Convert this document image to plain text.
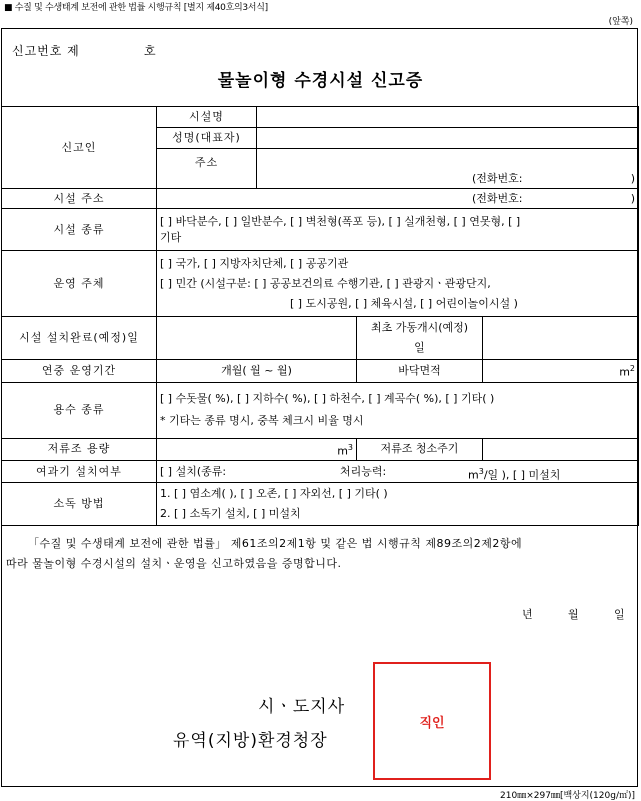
■ 수질 및 수생태계 보전에 관한 법률 시행규칙 [별지 제40호의3서식]
(앞쪽)
신고번호 제	호
물놀이형 수경시설 신고증
신고인	시설명			
	성명(대표자)			
	주소	(전화번호: )		

시설 주소	(전화번호: )			

시설 종류	[ ] 바닥분수, [ ] 일반분수, [ ] 벽천형(폭포 등), [ ] 실개천형, [ ] 연못형, [ ]
기타			

운영 주체	[ ] 국가, [ ] 지방자치단체, [ ] 공공기관
[ ] 민간 (시설구분: [ ] 공공보건의료 수행기관, [ ] 관광지ㆍ관광단지,
[ ] 도시공원, [ ] 체육시설, [ ] 어린이놀이시설 )			

시설 설치완료(예정)일			최초 가동개시(예정)
일	

연중 운영기간	개월( 월 ~ 월)		바닥면적	$m^2$
용수 종류	[ ] 수돗물( %), [ ] 지하수( %), [ ] 하천수, [ ] 계곡수( %), [ ] 기타( )
* 기타는 종류 명시, 중복 체크시 비율 명시			

저류조 용량	$m^3$		저류조 청소주기	
여과기 설치여부	[ ] 설치(종류: 처리능력: $m^3/$일 ), [ ] 미설치			

소독 방법	1. [ ] 염소계( ), [ ] 오존, [ ] 자외선, [ ] 기타( )
2. [ ] 소독기 설치, [ ] 미설치			
「수질 및 수생태계 보전에 관한 법률」 제61조의2제1항 및 같은 법 시행규칙 제89조의2제2항에
따라 물놀이형 수경시설의 설치ㆍ운영을 신고하였음을 증명합니다.
년	월	일
시ㆍ도지사
유역(지방)환경청장
직인
210㎜×297㎜[백상지(120g/㎡)]
